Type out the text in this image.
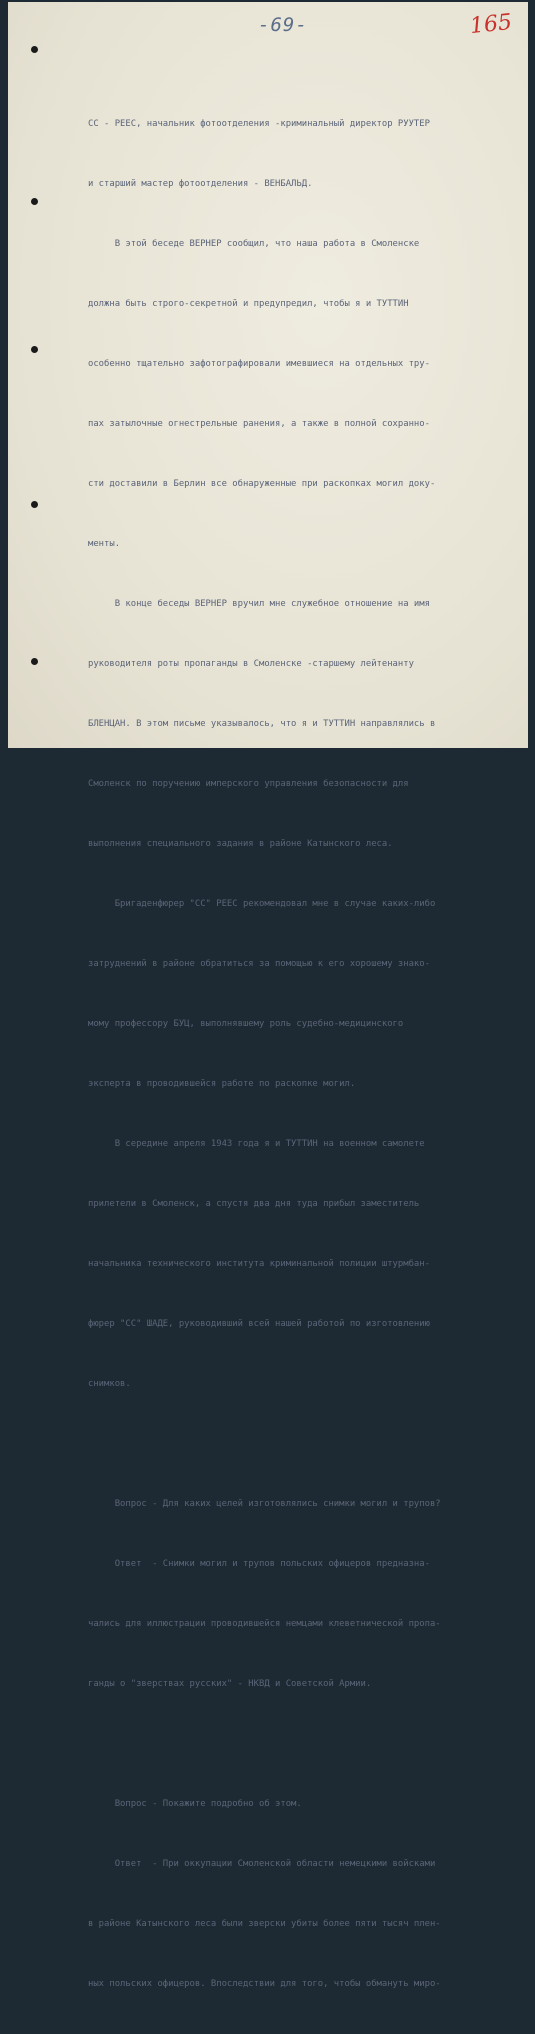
-69-	165

СС - РЕЕС, начальник фотоотделения -криминальный директор РУУТЕР

и старший мастер фотоотделения - ВЕНБАЛЬД.

В этой беседе ВЕРНЕР сообщил, что наша работа в Смоленске

должна быть строго-секретной и предупредил, чтобы я и ТУТТИН

особенно тщательно зафотографировали имевшиеся на отдельных тру-

пах затылочные огнестрельные ранения, а также в полной сохранно-

сти доставили в Берлин все обнаруженные при раскопках могил доку-

менты.

В конце беседы ВЕРНЕР вручил мне служебное отношение на имя

руководителя роты пропаганды в Смоленске -старшему лейтенанту

БЛЕНЦАН. В этом письме указывалось, что я и ТУТТИН направлялись в

Смоленск по поручению имперского управления безопасности для

выполнения специального задания в районе Катынского леса.

Бригаденфюрер "СС" РЕЕС рекомендовал мне в случае каких-либо

затруднений в районе обратиться за помощью к его хорошему знако-

мому профессору БУЦ, выполнявшему роль судебно-медицинского

эксперта в проводившейся работе по раскопке могил.

В середине апреля 1943 года я и ТУТТИН на военном самолете

прилетели в Смоленск, а спустя два дня туда прибыл заместитель

начальника технического института криминальной полиции штурмбан-

фюрер "СС" ШАДЕ, руководивший всей нашей работой по изготовлению

снимков.

Вопрос - Для каких целей изготовлялись снимки могил и трупов?

Ответ  - Снимки могил и трупов польских офицеров предназна-

чались для иллюстрации проводившейся немцами клеветнической пропа-

ганды о "зверствах русских" - НКВД и Советской Армии.

Вопрос - Покажите подробно об этом.

Ответ  - При оккупации Смоленской области немецкими войсками

в районе Катынского леса были зверски убиты более пяти тысяч плен-

ных польских офицеров. Впоследствии для того, чтобы обмануть миро-
